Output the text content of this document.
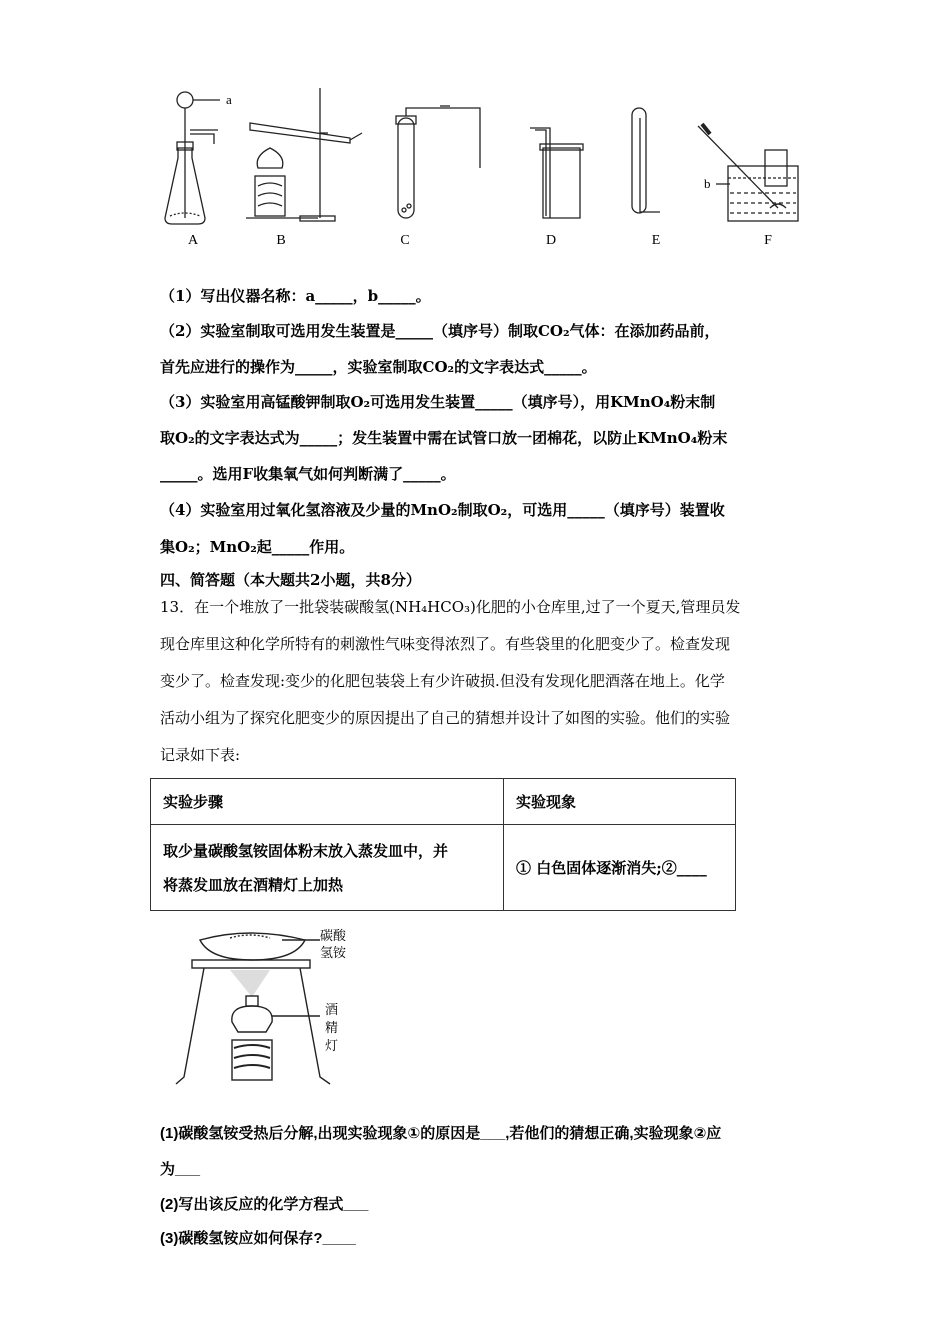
a
b
A	B	C	D	E	F
（1）写出仪器名称：a_____，b_____。
（2）实验室制取可选用发生装置是_____（填序号）制取CO₂气体：在添加药品前，
首先应进行的操作为_____，实验室制取CO₂的文字表达式_____。
（3）实验室用高锰酸钾制取O₂可选用发生装置_____（填序号），用KMnO₄粉末制
取O₂的文字表达式为_____；发生装置中需在试管口放一团棉花，以防止KMnO₄粉末
_____。选用F收集氧气如何判断满了_____。
（4）实验室用过氧化氢溶液及少量的MnO₂制取O₂，可选用_____（填序号）装置收
集O₂；MnO₂起_____作用。
四、简答题（本大题共2小题，共8分）
13．在一个堆放了一批袋装碳酸氢(NH₄HCO₃)化肥的小仓库里,过了一个夏天,管理员发
现仓库里这种化学所特有的刺激性气味变得浓烈了。有些袋里的化肥变少了。检查发现
变少了。检查发现:变少的化肥包装袋上有少许破损.但没有发现化肥酒落在地上。化学
活动小组为了探究化肥变少的原因提出了自己的猜想并设计了如图的实验。他们的实验
记录如下表:
实验步骤	实验现象

取少量碳酸氢铵固体粉末放入蒸发皿中，并
将蒸发皿放在酒精灯上加热	① 白色固体逐渐消失;②____
碳酸
氢铵
酒
精
灯
(1)碳酸氢铵受热后分解,出现实验现象①的原因是___,若他们的猜想正确,实验现象②应
为___
(2)写出该反应的化学方程式___
(3)碳酸氢铵应如何保存?____
